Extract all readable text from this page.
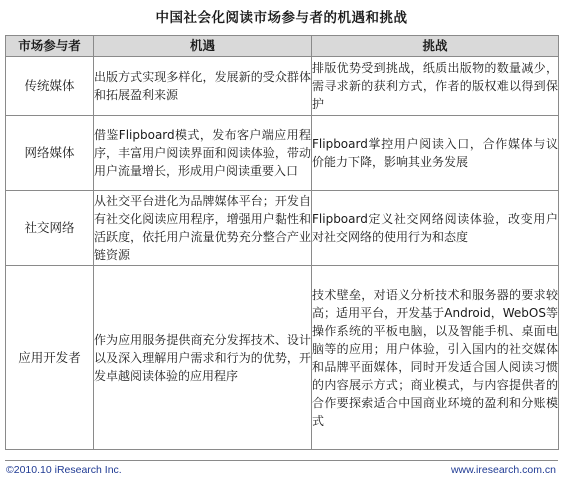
中国社会化阅读市场参与者的机遇和挑战
市场参与者	机遇	挑战
传统媒体	出版方式实现多样化，发展新的受众群体和拓展盈利来源	排版优势受到挑战，纸质出版物的数量减少，需寻求新的获利方式，作者的版权难以得到保护
网络媒体	借鉴Flipboard模式，发布客户端应用程序，丰富用户阅读界面和阅读体验，带动用户流量增长，形成用户阅读重要入口	Flipboard掌控用户阅读入口，合作媒体与议价能力下降，影响其业务发展
社交网络	从社交平台进化为品牌媒体平台；开发自有社交化阅读应用程序，增强用户黏性和活跃度，依托用户流量优势充分整合产业链资源	Flipboard定义社交网络阅读体验，改变用户对社交网络的使用行为和态度
应用开发者	作为应用服务提供商充分发挥技术、设计以及深入理解用户需求和行为的优势，开发卓越阅读体验的应用程序	技术壁垒，对语义分析技术和服务器的要求较高；适用平台，开发基于Android，WebOS等操作系统的平板电脑，以及智能手机、桌面电脑等的应用；用户体验，引入国内的社交媒体和品牌平面媒体，同时开发适合国人阅读习惯的内容展示方式；商业模式，与内容提供者的合作要探索适合中国商业环境的盈利和分账模式
©2010.10 iResearch Inc.	www.iresearch.com.cn
